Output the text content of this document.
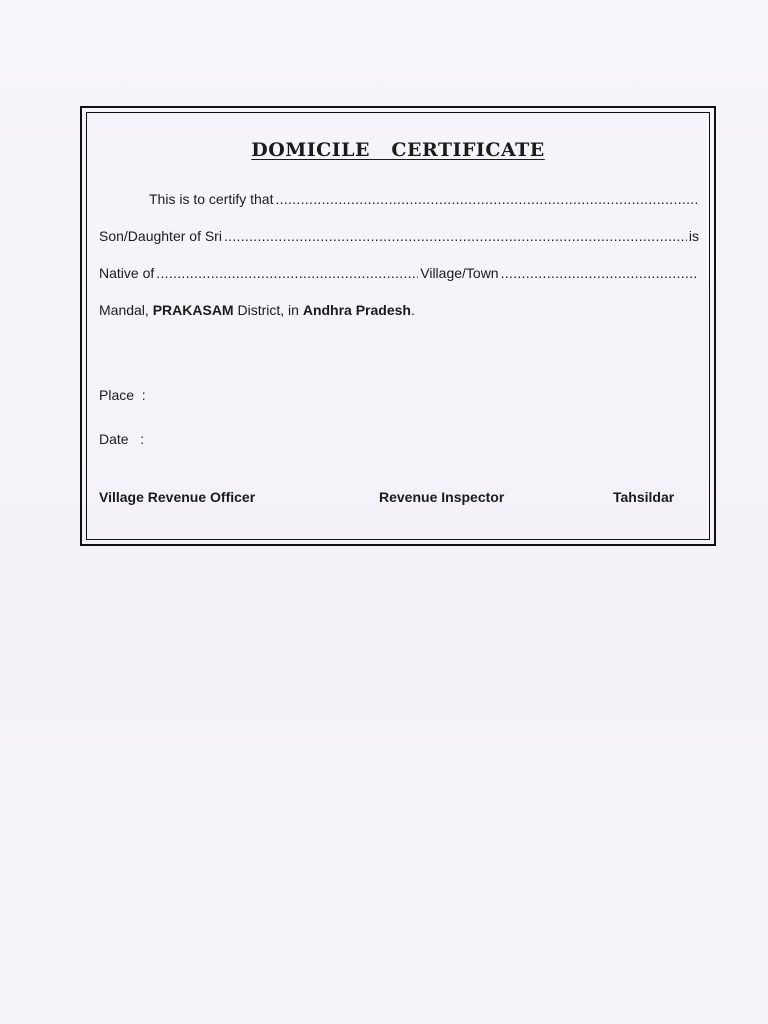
DOMICILE   CERTIFICATE
This is to certify that
.....
Son/Daughter of Sri .....	is
Native of .....	Village/Town
.....
Mandal, PRAKASAM District, in Andhra Pradesh .
Place  :
Date   :
Village Revenue Officer	Revenue Inspector	Tahsildar
